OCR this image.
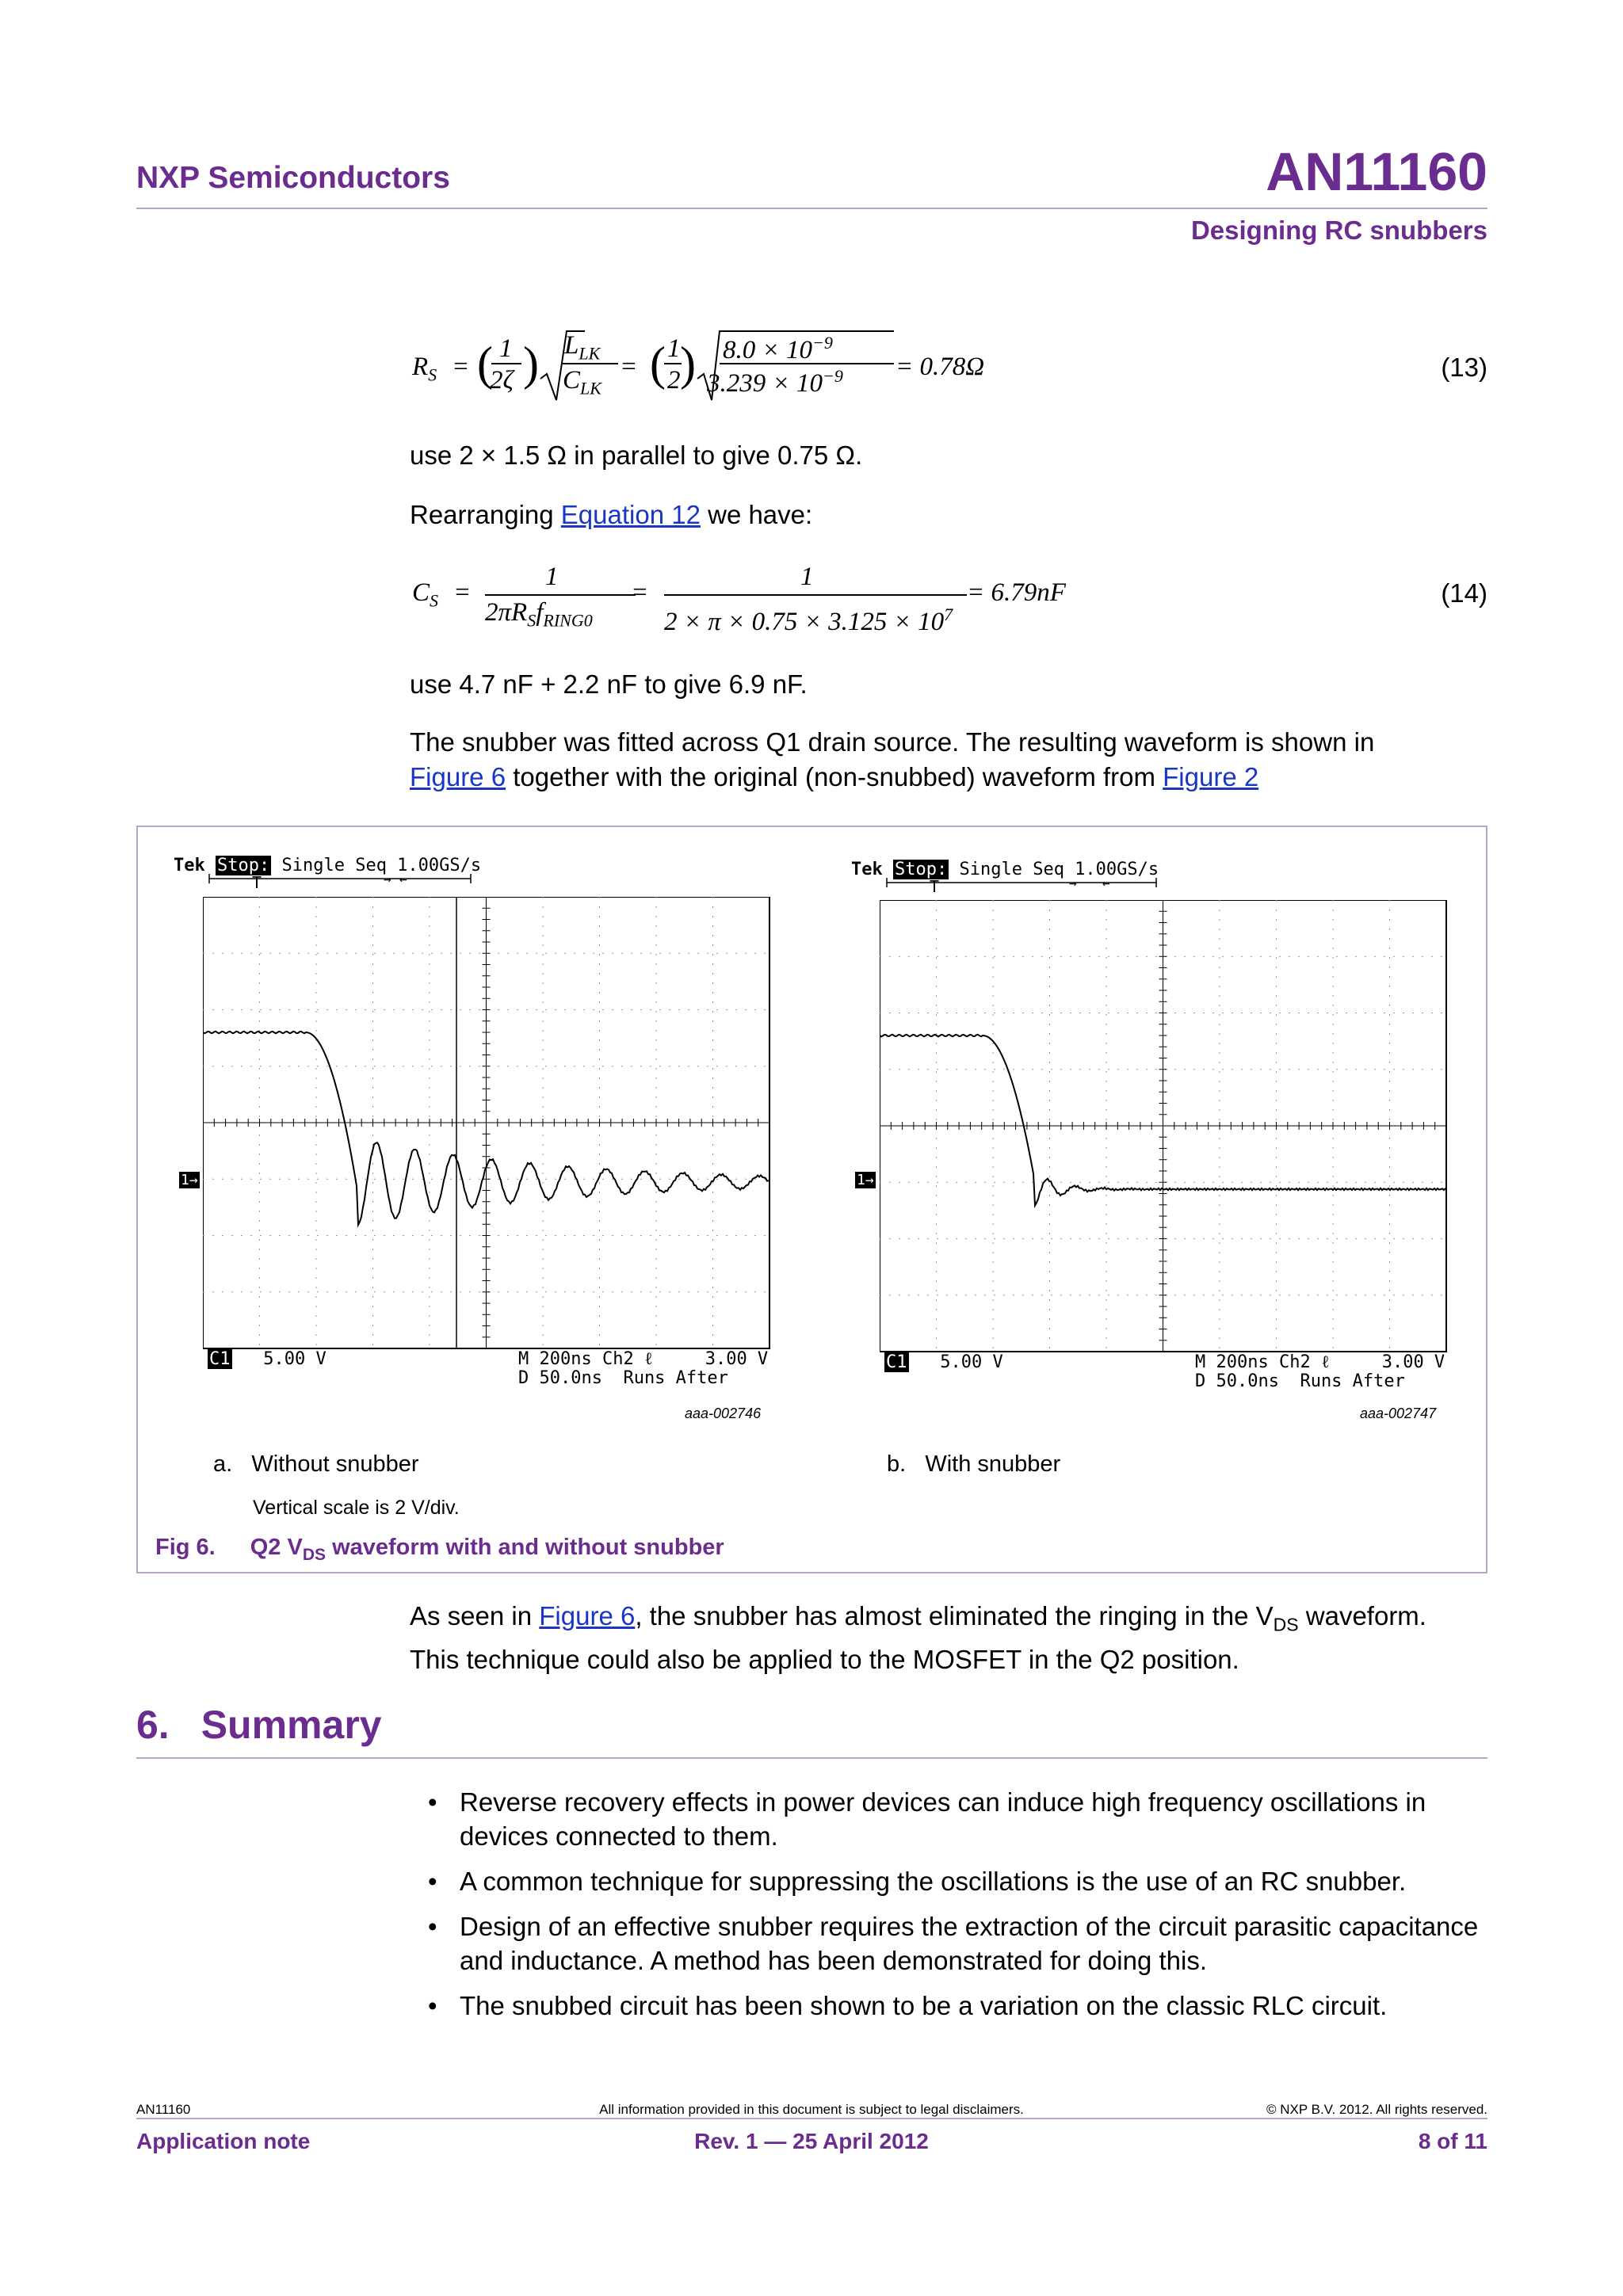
NXP Semiconductors	AN11160
Designing RC snubbers
$R_S$ = ( 1
2ζ ) $L_{LK}$
$C_{LK}$
= ( 1
2 ) $8.0 \times 10^{-9}$
$3.239 \times 10^{-9} = 0.78\Omega$	(13)
use 2 × 1.5 Ω in parallel to give 0.75 Ω.
Rearranging Equation 12 we have:
$C_S$ =
1
$2\pi R_Sf_{RING0}$
=
1
$2 \times \pi \times 0.75 \times 3.125 \times 10^7$
= 6.79nF	(14)
use 4.7 nF + 2.2 nF to give 6.9 nF.
The snubber was fitted across Q1 drain source. The resulting waveform is shown in
Figure 6 together with the original (non-snubbed) waveform from Figure 2
Tek Stop: Single Seq 1.00GS/s
T	→ ←
1→
C1 5.00 V	M 200ns Ch2 ℓ     3.00 V
D 50.0ns  Runs After
aaa-002746
Tek Stop: Single Seq 1.00GS/s
T	→ ←
1→
C1 5.00 V	M 200ns Ch2 ℓ     3.00 V
D 50.0ns  Runs After
aaa-002747
a.   Without snubber	b.   With snubber
Vertical scale is 2 V/div.
Fig 6. Q2 $V_{DS}$ waveform with and without snubber
As seen in Figure 6, the snubber has almost eliminated the ringing in the $V_{DS}$ waveform.
This technique could also be applied to the MOSFET in the Q2 position.
6. Summary
• Reverse recovery effects in power devices can induce high frequency oscillations in devices connected to them.
• A common technique for suppressing the oscillations is the use of an RC snubber.
• Design of an effective snubber requires the extraction of the circuit parasitic capacitance and inductance. A method has been demonstrated for doing this.
• The snubbed circuit has been shown to be a variation on the classic RLC circuit.
AN11160	All information provided in this document is subject to legal disclaimers.	© NXP B.V. 2012. All rights reserved.
Application note	Rev. 1 — 25 April 2012	8 of 11
